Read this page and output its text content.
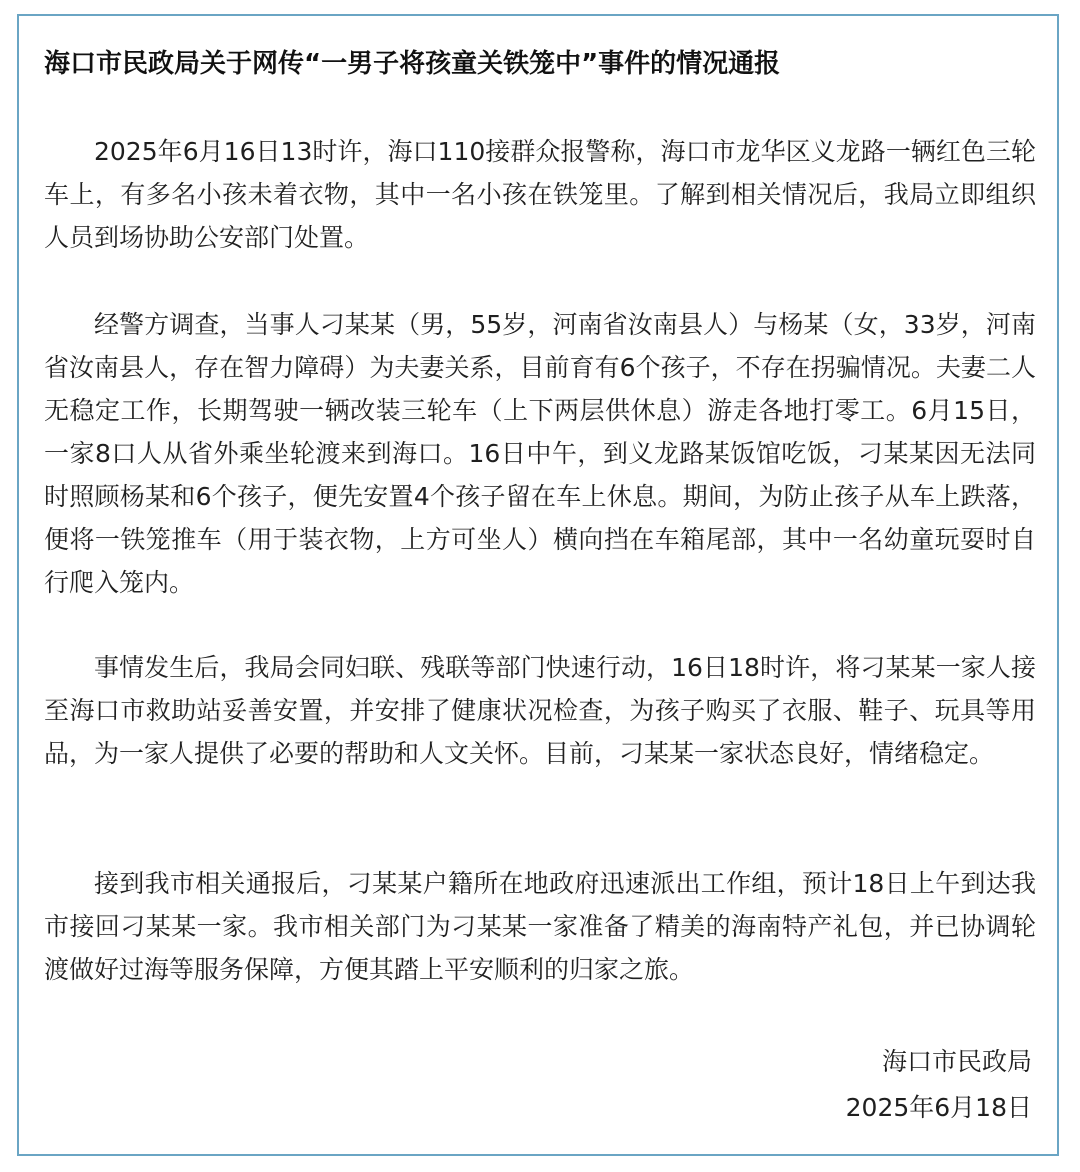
海口市民政局关于网传“一男子将孩童关铁笼中”事件的情况通报

2025年6月16日13时许，海口110接群众报警称，海口市龙华区义龙路一辆红色三轮车上，有多名小孩未着衣物，其中一名小孩在铁笼里。了解到相关情况后，我局立即组织人员到场协助公安部门处置。

经警方调查，当事人刁某某（男，55岁，河南省汝南县人）与杨某（女，33岁，河南省汝南县人，存在智力障碍）为夫妻关系，目前育有6个孩子，不存在拐骗情况。夫妻二人无稳定工作，长期驾驶一辆改装三轮车（上下两层供休息）游走各地打零工。6月15日，一家8口人从省外乘坐轮渡来到海口。16日中午，到义龙路某饭馆吃饭，刁某某因无法同时照顾杨某和6个孩子，便先安置4个孩子留在车上休息。期间，为防止孩子从车上跌落，便将一铁笼推车（用于装衣物，上方可坐人）横向挡在车箱尾部，其中一名幼童玩耍时自行爬入笼内。

事情发生后，我局会同妇联、残联等部门快速行动，16日18时许，将刁某某一家人接至海口市救助站妥善安置，并安排了健康状况检查，为孩子购买了衣服、鞋子、玩具等用品，为一家人提供了必要的帮助和人文关怀。目前，刁某某一家状态良好，情绪稳定。

接到我市相关通报后，刁某某户籍所在地政府迅速派出工作组，预计18日上午到达我市接回刁某某一家。我市相关部门为刁某某一家准备了精美的海南特产礼包，并已协调轮渡做好过海等服务保障，方便其踏上平安顺利的归家之旅。

海口市民政局
2025年6月18日
